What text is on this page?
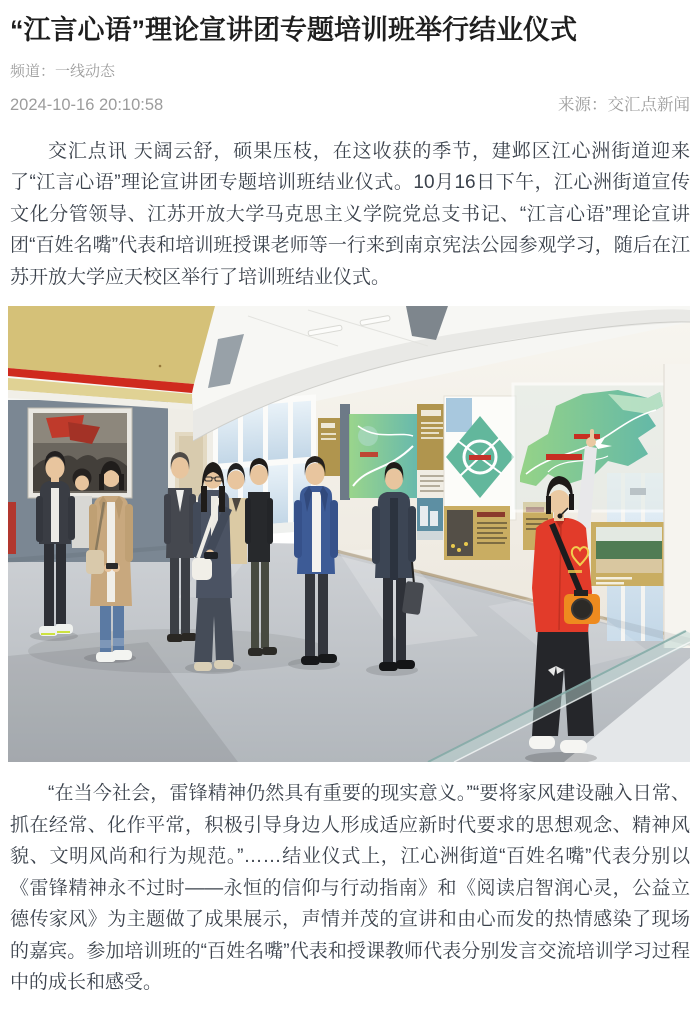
“江言心语”理论宣讲团专题培训班举行结业仪式
频道：一线动态
2024-10-16 20:10:58	来源：交汇点新闻

交汇点讯 天阔云舒，硕果压枝，在这收获的季节，建邺区江心洲街道迎来了“江言心语”理论宣讲团专题培训班结业仪式。10月16日下午，江心洲街道宣传文化分管领导、江苏开放大学马克思主义学院党总支书记、“江言心语”理论宣讲团“百姓名嘴”代表和培训班授课老师等一行来到南京宪法公园参观学习，随后在江苏开放大学应天校区举行了培训班结业仪式。

“在当今社会，雷锋精神仍然具有重要的现实意义。”“要将家风建设融入日常、抓在经常、化作平常，积极引导身边人形成适应新时代要求的思想观念、精神风貌、文明风尚和行为规范。”……结业仪式上，江心洲街道“百姓名嘴”代表分别以《雷锋精神永不过时——永恒的信仰与行动指南》和《阅读启智润心灵，公益立德传家风》为主题做了成果展示，声情并茂的宣讲和由心而发的热情感染了现场的嘉宾。参加培训班的“百姓名嘴”代表和授课教师代表分别发言交流培训学习过程中的成长和感受。
